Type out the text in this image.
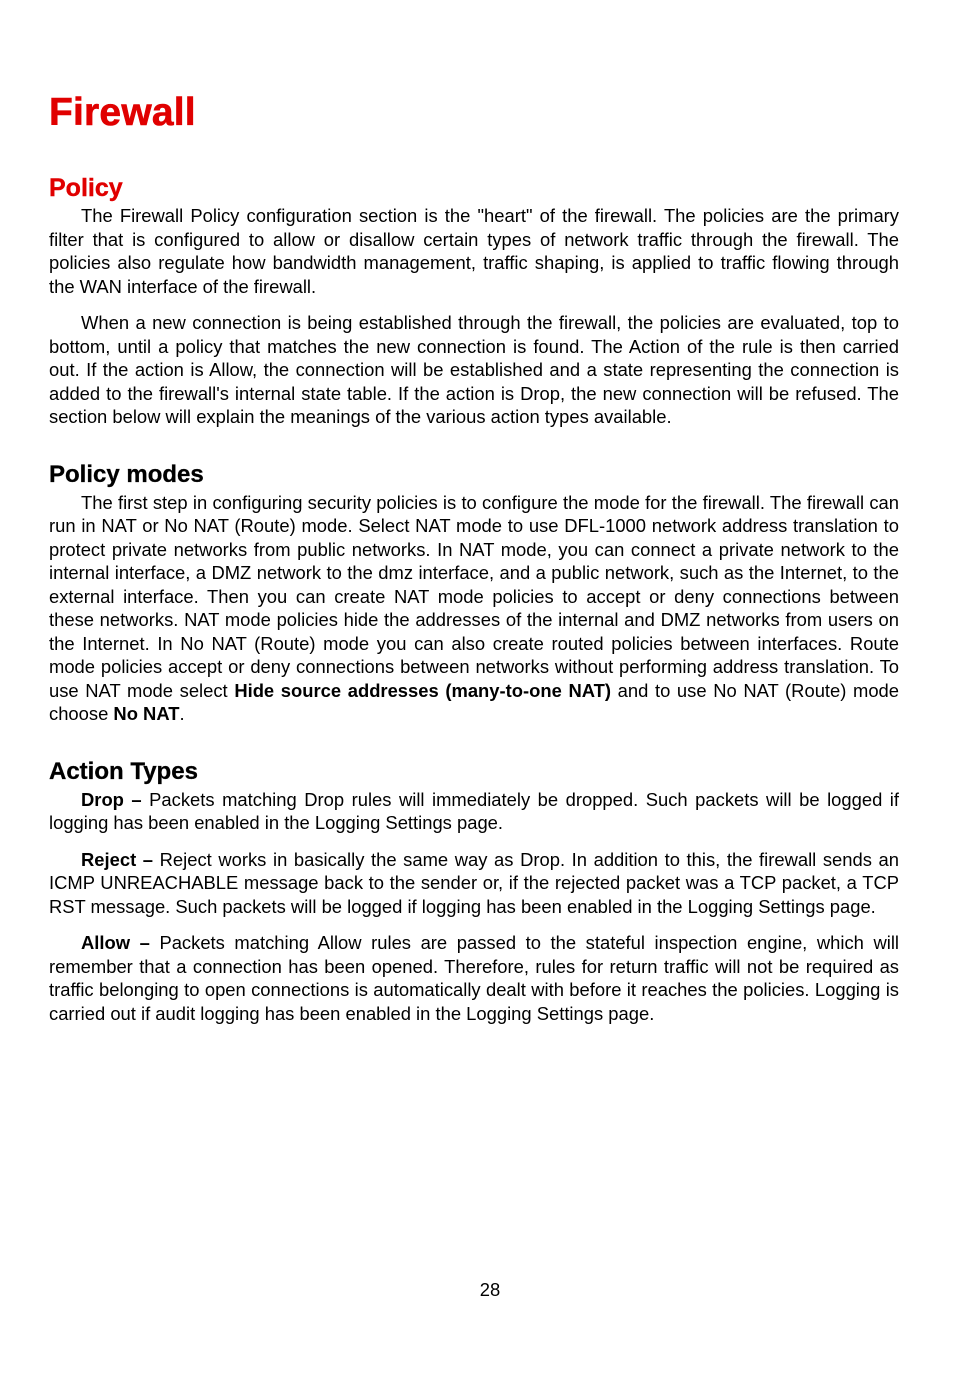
Firewall
Policy

The Firewall Policy configuration section is the "heart" of the firewall. The policies are the primary filter that is configured to allow or disallow certain types of network traffic through the firewall. The policies also regulate how bandwidth management, traffic shaping, is applied to traffic flowing through the WAN interface of the firewall.

When a new connection is being established through the firewall, the policies are evaluated, top to bottom, until a policy that matches the new connection is found. The Action of the rule is then carried out. If the action is Allow, the connection will be established and a state representing the connection is added to the firewall's internal state table. If the action is Drop, the new connection will be refused. The section below will explain the meanings of the various action types available.

Policy modes

The first step in configuring security policies is to configure the mode for the firewall. The firewall can run in NAT or No NAT (Route) mode. Select NAT mode to use DFL-1000 network address translation to protect private networks from public networks. In NAT mode, you can connect a private network to the internal interface, a DMZ network to the dmz interface, and a public network, such as the Internet, to the external interface. Then you can create NAT mode policies to accept or deny connections between these networks. NAT mode policies hide the addresses of the internal and DMZ networks from users on the Internet. In No NAT (Route) mode you can also create routed policies between interfaces. Route mode policies accept or deny connections between networks without performing address translation. To use NAT mode select Hide source addresses (many-to-one NAT) and to use No NAT (Route) mode choose No NAT.

Action Types

Drop – Packets matching Drop rules will immediately be dropped. Such packets will be logged if logging has been enabled in the Logging Settings page.

Reject – Reject works in basically the same way as Drop. In addition to this, the firewall sends an ICMP UNREACHABLE message back to the sender or, if the rejected packet was a TCP packet, a TCP RST message. Such packets will be logged if logging has been enabled in the Logging Settings page.

Allow – Packets matching Allow rules are passed to the stateful inspection engine, which will remember that a connection has been opened. Therefore, rules for return traffic will not be required as traffic belonging to open connections is automatically dealt with before it reaches the policies. Logging is carried out if audit logging has been enabled in the Logging Settings page.

28
